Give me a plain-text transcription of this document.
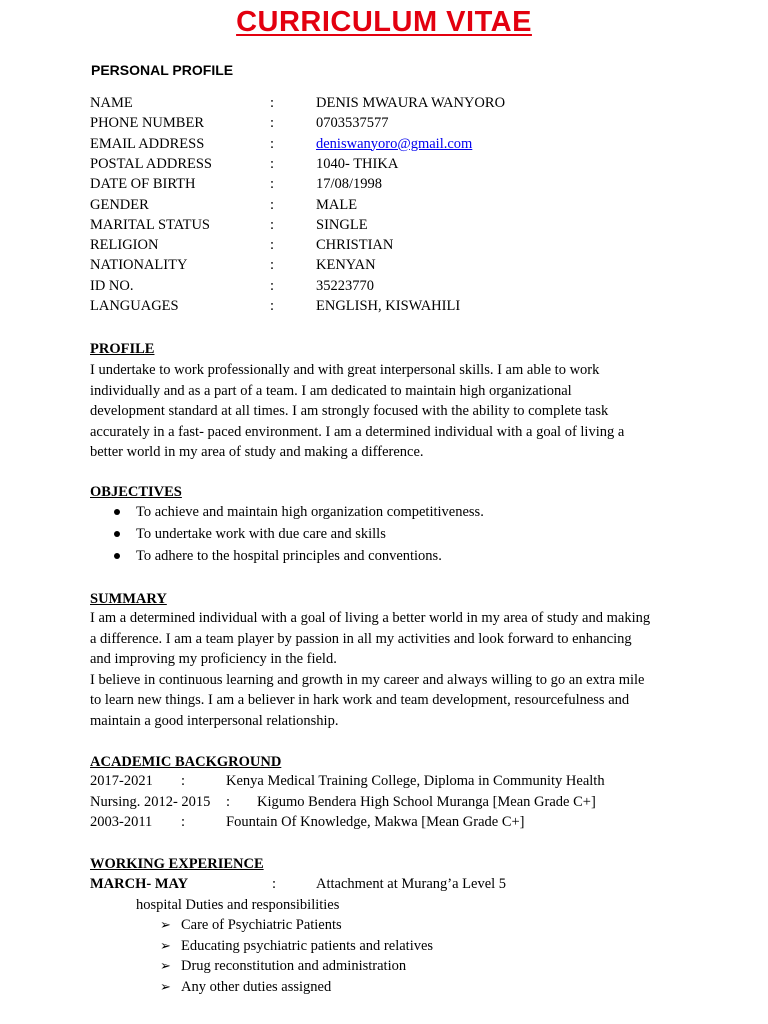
CURRICULUM VITAE
PERSONAL PROFILE
NAME	:	DENIS MWAURA WANYORO
PHONE NUMBER	:	0703537577
EMAIL ADDRESS	:	deniswanyoro@gmail.com
POSTAL ADDRESS	:	1040- THIKA
DATE OF BIRTH	:	17/08/1998
GENDER	:	MALE
MARITAL STATUS	:	SINGLE
RELIGION	:	CHRISTIAN
NATIONALITY	:	KENYAN
ID NO.	:	35223770
LANGUAGES	:	ENGLISH, KISWAHILI
PROFILE
I undertake to work professionally and with great interpersonal skills. I am able to work
individually and as a part of a team. I am dedicated to maintain high organizational
development standard at all times. I am strongly focused with the ability to complete task
accurately in a fast- paced environment. I am a determined individual with a goal of living a
better world in my area of study and making a difference.
OBJECTIVES
To achieve and maintain high organization competitiveness.
To undertake work with due care and skills
To adhere to the hospital principles and conventions.
SUMMARY
I am a determined individual with a goal of living a better world in my area of study and making
a difference. I am a team player by passion in all my activities and look forward to enhancing
and improving my proficiency in the field.
I believe in continuous learning and growth in my career and always willing to go an extra mile
to learn new things. I am a believer in hark work and team development, resourcefulness and
maintain a good interpersonal relationship.
ACADEMIC BACKGROUND
2017-2021 :	Kenya Medical Training College, Diploma in Community Health
Nursing. 2012- 2015 : Kigumo Bendera High School Muranga [Mean Grade C+]
2003-2011 :	Fountain Of Knowledge, Makwa [Mean Grade C+]
WORKING EXPERIENCE
MARCH- MAY	:	Attachment at Murang’a Level 5
hospital Duties and responsibilities
➢ Care of Psychiatric Patients
➢ Educating psychiatric patients and relatives
➢ Drug reconstitution and administration
➢ Any other duties assigned
